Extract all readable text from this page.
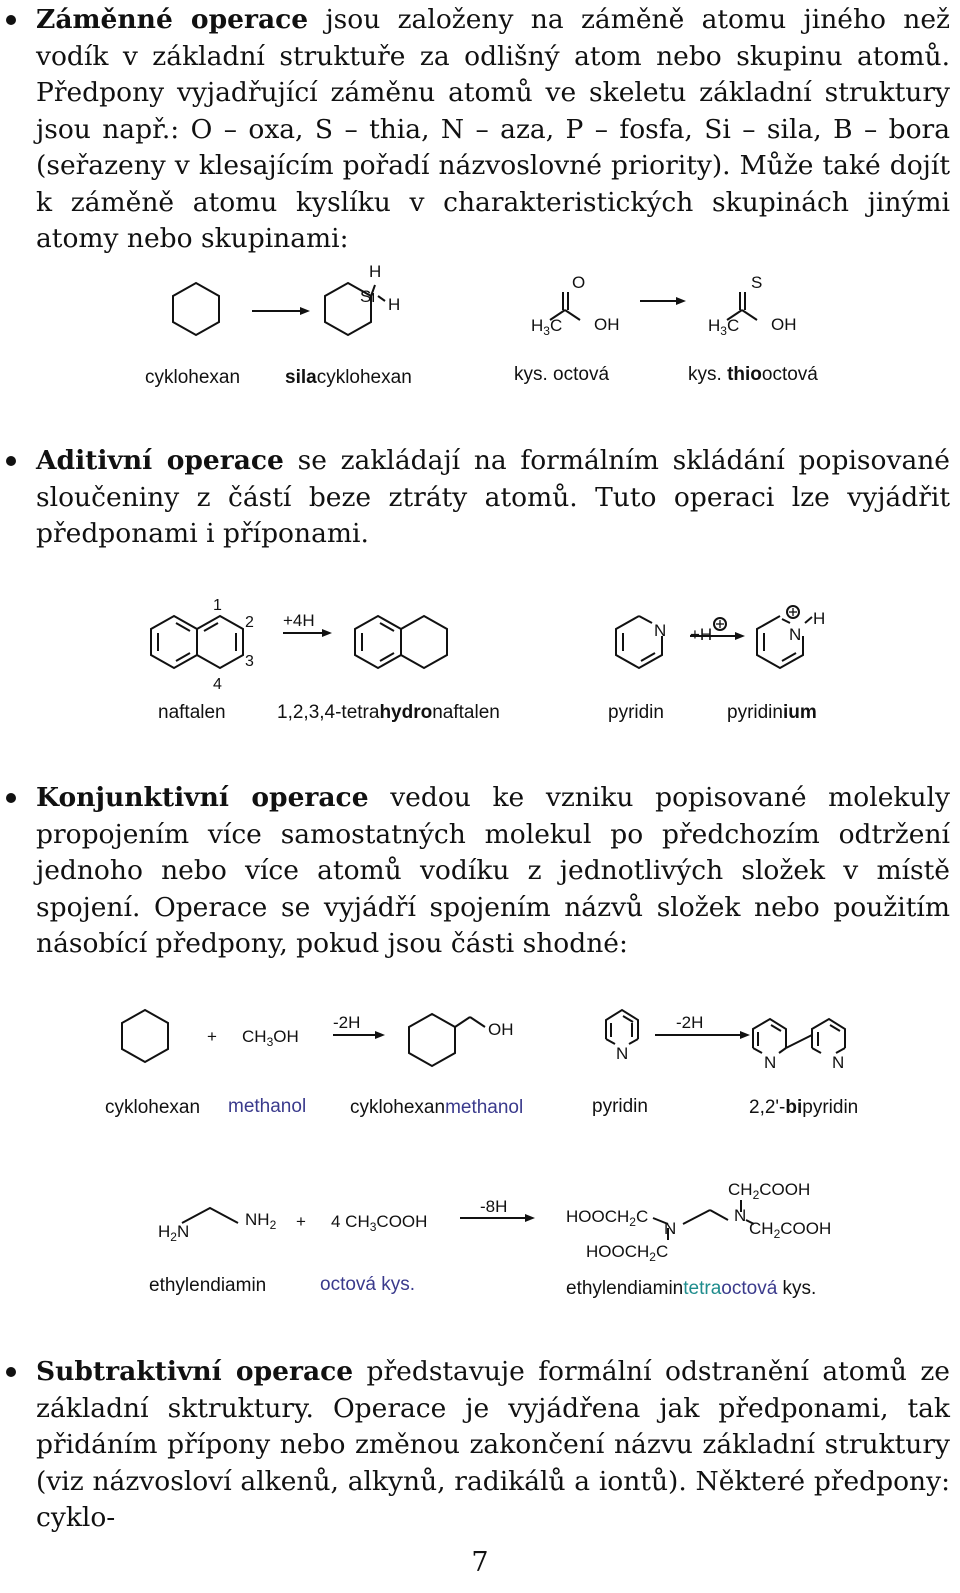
Záměnné operace jsou založeny na záměně atomu jiného než vodík v základní struktuře za odlišný atom nebo skupinu atomů. Předpony vyjadřující záměnu atomů ve skeletu základní struktury jsou např.: O – oxa, S – thia, N – aza, P – fosfa, Si – sila, B – bora (seřazeny v klesajícím pořadí názvoslovné priority). Může také dojít k záměně atomu kyslíku v charakteristických skupinách jinými atomy nebo skupinami:
H
Si H
O
$H_3C$ OH
S
$H_3C$ OH
cyklohexan silacyklohexan	kys. octová	kys. thiooctová
Aditivní operace se zakládají na formálním skládání popisované sloučeniny z částí beze ztráty atomů. Tuto operaci lze vyjádřit předponami i příponami.
1
2
3
4
+4H
N +H	N
H
naftalen	1,2,3,4-tetrahydronaftalen	pyridin	pyridinium
Konjunktivní operace vedou ke vzniku popisované molekuly propojením více samostatných molekul po předchozím odtržení jednoho nebo více atomů vodíku z jednotlivých složek v místě spojení. Operace se vyjádří spojením názvů složek nebo použitím násobící předpony, pokud jsou části shodné:
+ $CH_3OH$
-2H	OH
N
-2H
N	N
cyklohexan methanol cyklohexanmethanol	pyridin	2,2'-bipyridin
$H_2N$
$NH_2 + 4$ $CH_3COOH$
-8H
$HOOCH_2C$
N
$HOOCH_2C$
N
$CH_2COOH$
$CH_2COOH$
ethylendiamin	octová kys.	ethylendiamintetraoctová kys.
Subtraktivní operace představuje formální odstranění atomů ze základní sktruktury. Operace je vyjádřena jak předponami, tak přidáním přípony nebo změnou zakončení názvu základní struktury (viz názvosloví alkenů, alkynů, radikálů a iontů). Některé předpony: cyklo-
7
